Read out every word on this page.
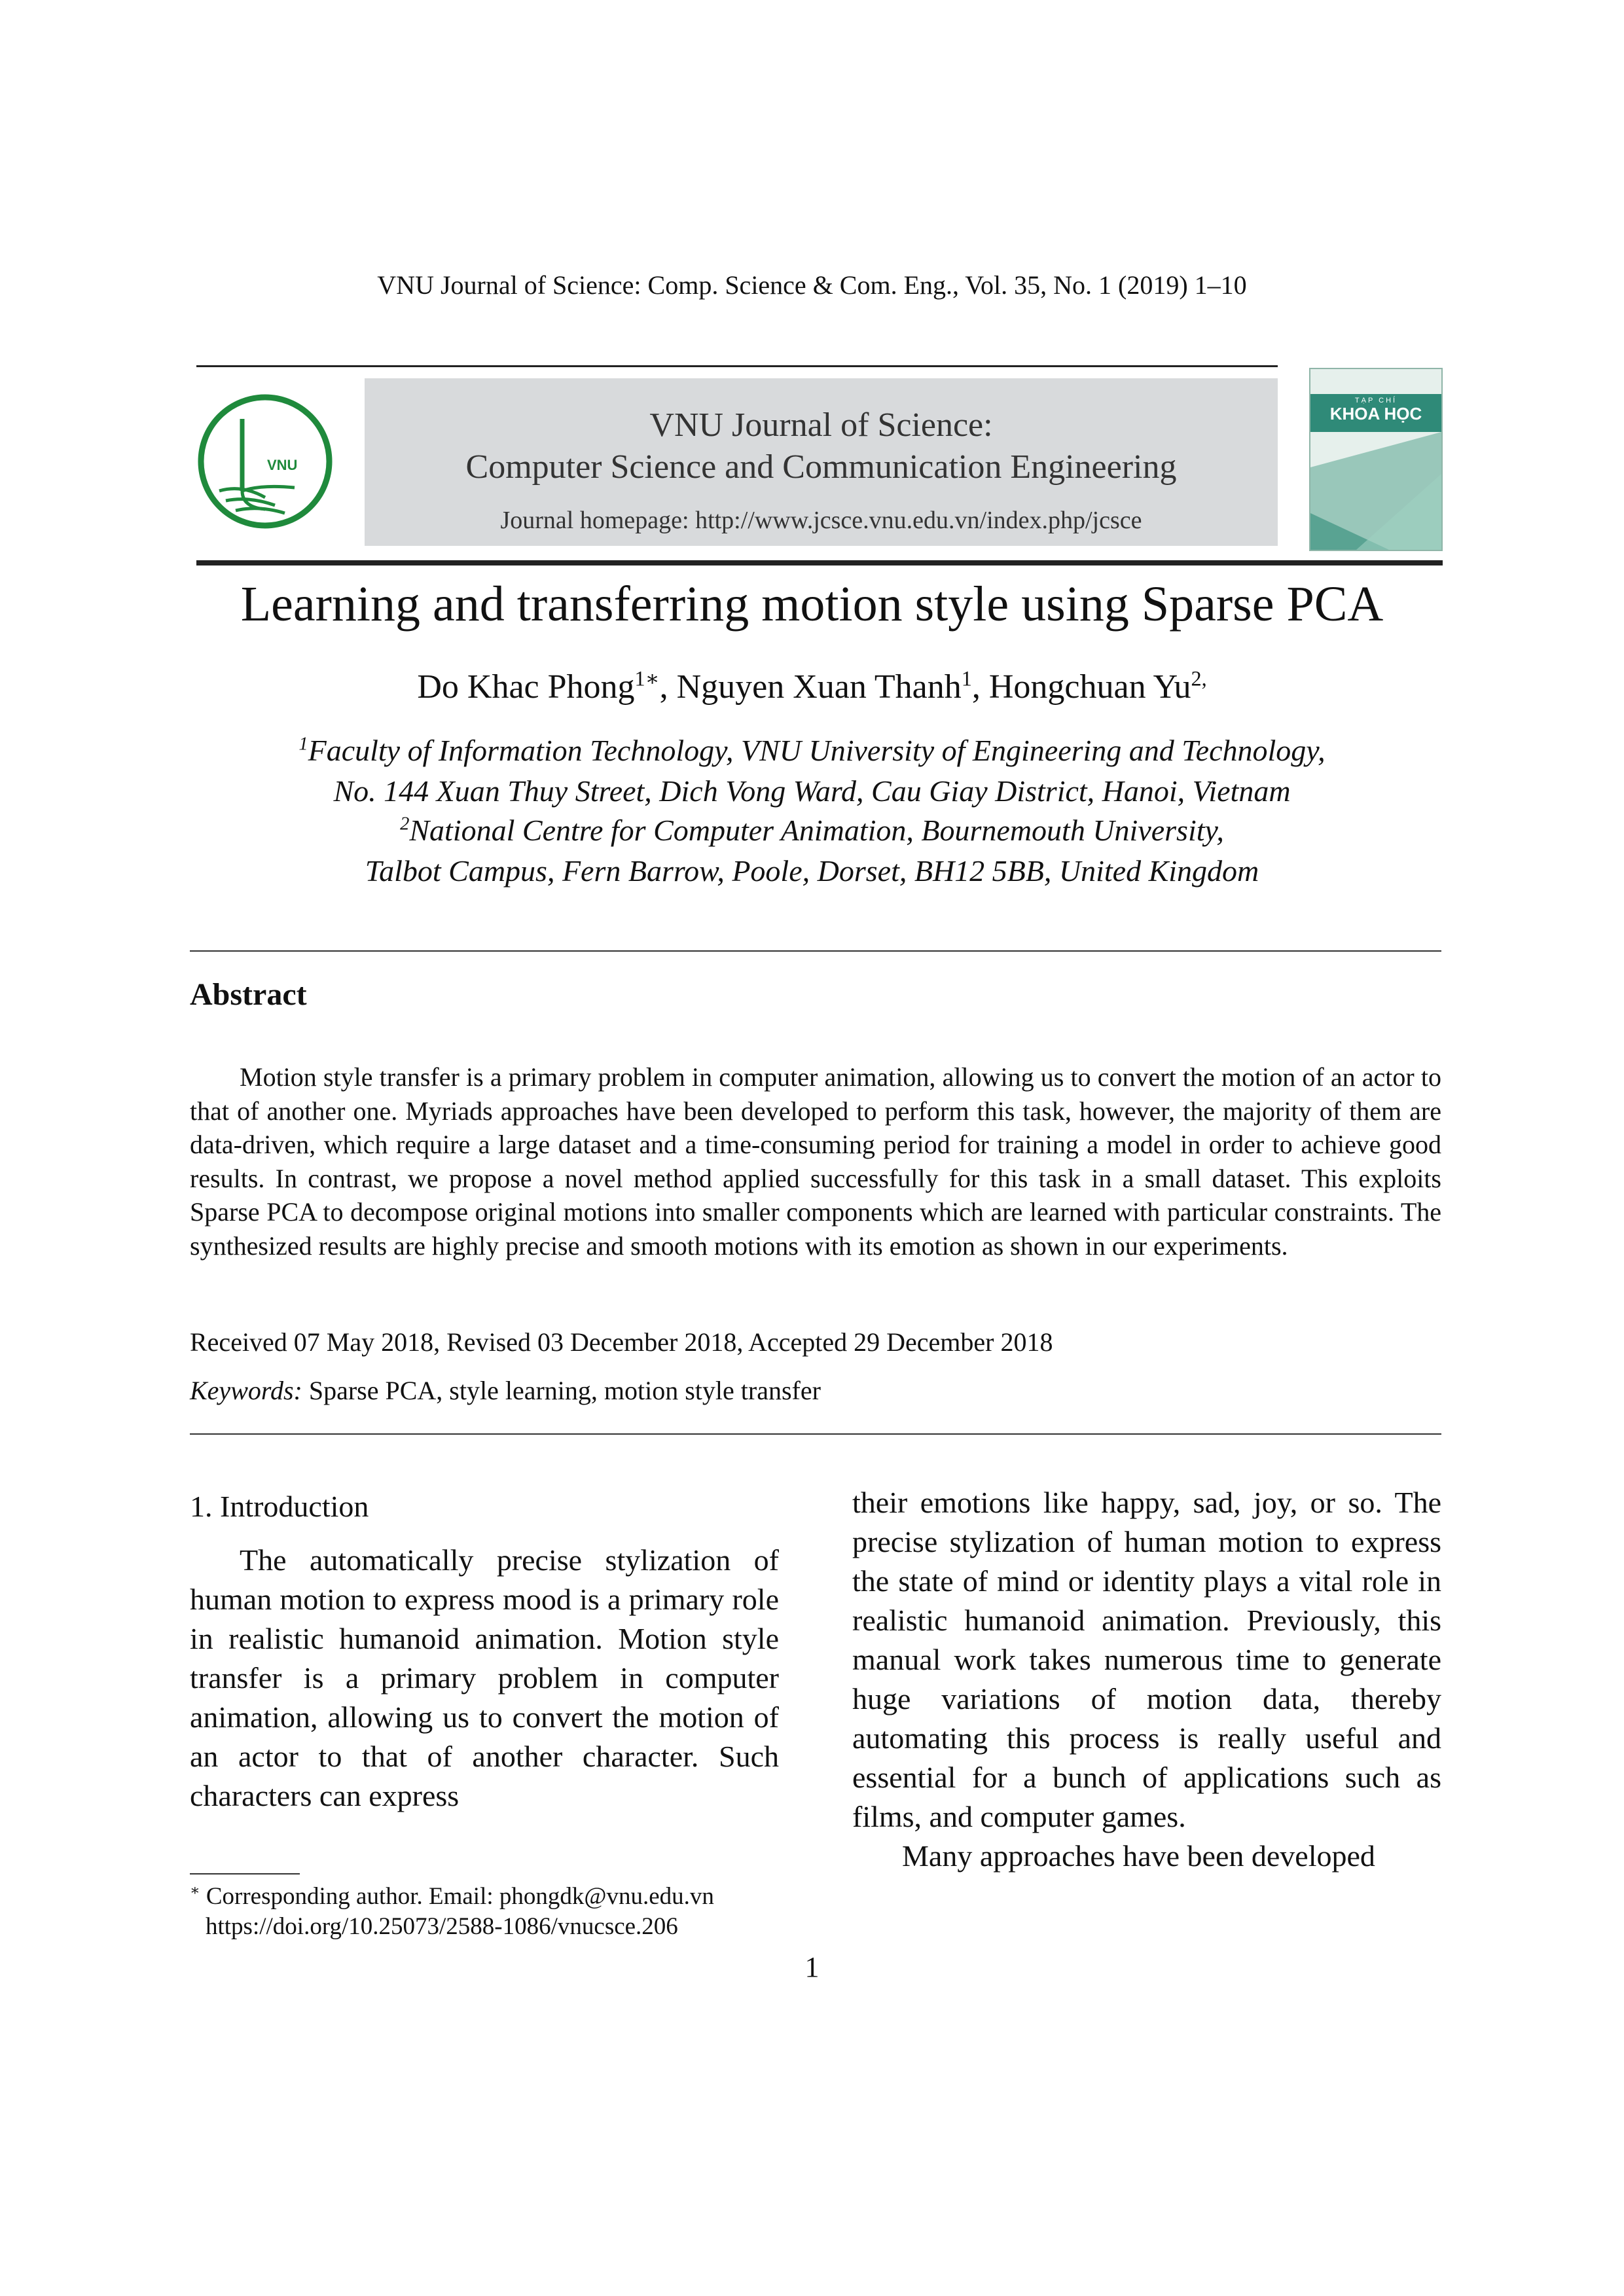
VNU Journal of Science: Comp. Science & Com. Eng., Vol. 35, No. 1 (2019) 1–10
VNU
VNU Journal of Science:
Computer Science and Communication Engineering
Journal homepage: http://www.jcsce.vnu.edu.vn/index.php/jcsce
TẠP CHÍ
KHOA HỌC
Learning and transferring motion style using Sparse PCA
Do Khac Phong$^{1∗}$, Nguyen Xuan Thanh$^1$, Hongchuan $Yu^{2,}$
$^1$Faculty of Information Technology, VNU University of Engineering and Technology,
No. 144 Xuan Thuy Street, Dich Vong Ward, Cau Giay District, Hanoi, Vietnam
$^2$National Centre for Computer Animation, Bournemouth University,
Talbot Campus, Fern Barrow, Poole, Dorset, BH12 5BB, United Kingdom
Abstract
Motion style transfer is a primary problem in computer animation, allowing us to convert the motion of an actor to that of another one. Myriads approaches have been developed to perform this task, however, the majority of them are data-driven, which require a large dataset and a time-consuming period for training a model in order to achieve good results. In contrast, we propose a novel method applied successfully for this task in a small dataset. This exploits Sparse PCA to decompose original motions into smaller components which are learned with particular constraints. The synthesized results are highly precise and smooth motions with its emotion as shown in our experiments.
Received 07 May 2018, Revised 03 December 2018, Accepted 29 December 2018
Keywords: Sparse PCA, style learning, motion style transfer

1. Introduction

The automatically precise stylization of human motion to express mood is a primary role in realistic humanoid animation. Motion style transfer is a primary problem in computer animation, allowing us to convert the motion of an actor to that of another character. Such characters can express

their emotions like happy, sad, joy, or so. The precise stylization of human motion to express the state of mind or identity plays a vital role in realistic humanoid animation. Previously, this manual work takes numerous time to generate huge variations of motion data, thereby automating this process is really useful and essential for a bunch of applications such as films, and computer games.

Many approaches have been developed

∗ Corresponding author. Email: phongdk@vnu.edu.vn
https://doi.org/10.25073/2588-1086/vnucsce.206
1
